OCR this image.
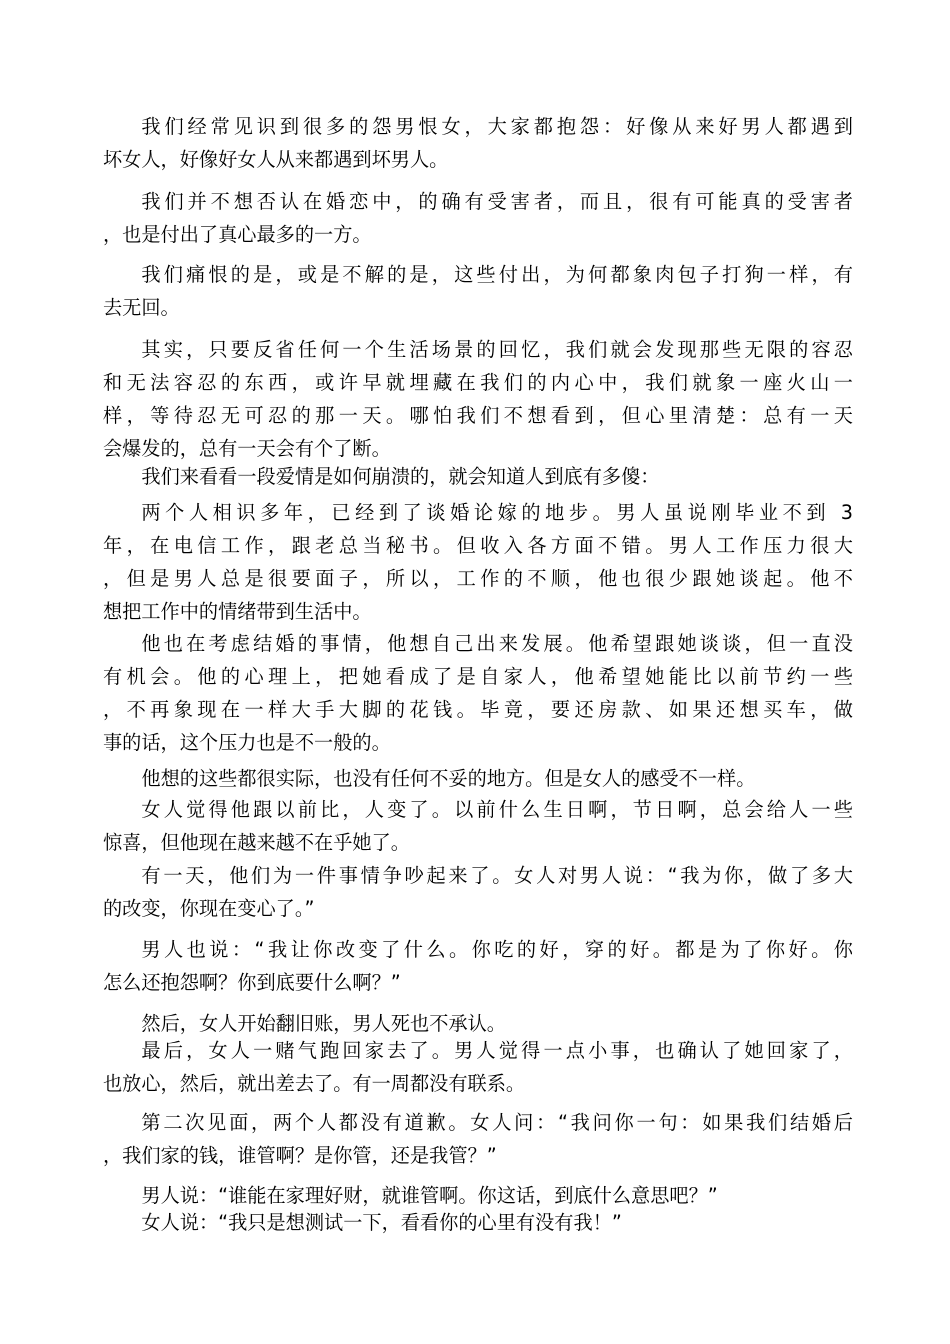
我们经常见识到很多的怨男恨女，大家都抱怨：好像从来好男人都遇到
坏女人，好像好女人从来都遇到坏男人。
我们并不想否认在婚恋中，的确有受害者，而且，很有可能真的受害者
，也是付出了真心最多的一方。
我们痛恨的是，或是不解的是，这些付出，为何都象肉包子打狗一样，有
去无回。
其实，只要反省任何一个生活场景的回忆，我们就会发现那些无限的容忍
和无法容忍的东西，或许早就埋藏在我们的内心中，我们就象一座火山一
样，等待忍无可忍的那一天。哪怕我们不想看到，但心里清楚：总有一天
会爆发的，总有一天会有个了断。
我们来看看一段爱情是如何崩溃的，就会知道人到底有多傻：
两个人相识多年，已经到了谈婚论嫁的地步。男人虽说刚毕业不到 3
年，在电信工作，跟老总当秘书。但收入各方面不错。男人工作压力很大
，但是男人总是很要面子，所以，工作的不顺，他也很少跟她谈起。他不
想把工作中的情绪带到生活中。
他也在考虑结婚的事情，他想自己出来发展。他希望跟她谈谈，但一直没
有机会。他的心理上，把她看成了是自家人，他希望她能比以前节约一些
，不再象现在一样大手大脚的花钱。毕竟，要还房款、如果还想买车，做
事的话，这个压力也是不一般的。
他想的这些都很实际，也没有任何不妥的地方。但是女人的感受不一样。
女人觉得他跟以前比，人变了。以前什么生日啊，节日啊，总会给人一些
惊喜，但他现在越来越不在乎她了。
有一天，他们为一件事情争吵起来了。女人对男人说：“我为你，做了多大
的改变，你现在变心了。”
男人也说：“我让你改变了什么。你吃的好，穿的好。都是为了你好。你
怎么还抱怨啊？你到底要什么啊？”
然后，女人开始翻旧账，男人死也不承认。
最后，女人一赌气跑回家去了。男人觉得一点小事，也确认了她回家了，
也放心，然后，就出差去了。有一周都没有联系。
第二次见面，两个人都没有道歉。女人问：“我问你一句：如果我们结婚后
，我们家的钱，谁管啊？是你管，还是我管？”
男人说：“谁能在家理好财，就谁管啊。你这话，到底什么意思吧？”
女人说：“我只是想测试一下，看看你的心里有没有我！”
